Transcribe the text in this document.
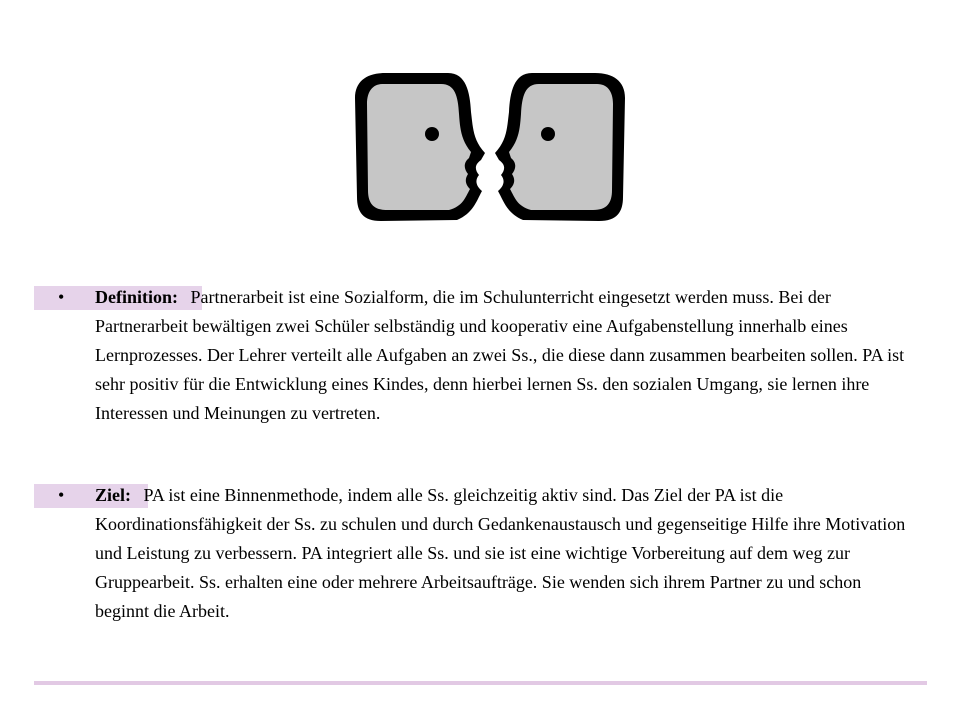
• Definition: Partnerarbeit ist eine Sozialform, die im Schulunterricht eingesetzt werden muss. Bei der Partnerarbeit bewältigen zwei Schüler selbständig und kooperativ eine Aufgabenstellung innerhalb eines Lernprozesses. Der Lehrer verteilt alle Aufgaben an zwei Ss., die diese dann zusammen bearbeiten sollen. PA ist sehr positiv für die Entwicklung eines Kindes, denn hierbei lernen Ss. den sozialen Umgang, sie lernen ihre Interessen und Meinungen zu vertreten.
• Ziel: PA ist eine Binnenmethode, indem alle Ss. gleichzeitig aktiv sind. Das Ziel der PA ist die Koordinationsfähigkeit der Ss. zu schulen und durch Gedankenaustausch und gegenseitige Hilfe ihre Motivation und Leistung zu verbessern. PA integriert alle Ss. und sie ist eine wichtige Vorbereitung auf dem weg zur Gruppearbeit. Ss. erhalten eine oder mehrere Arbeitsaufträge. Sie wenden sich ihrem Partner zu und schon beginnt die Arbeit.
